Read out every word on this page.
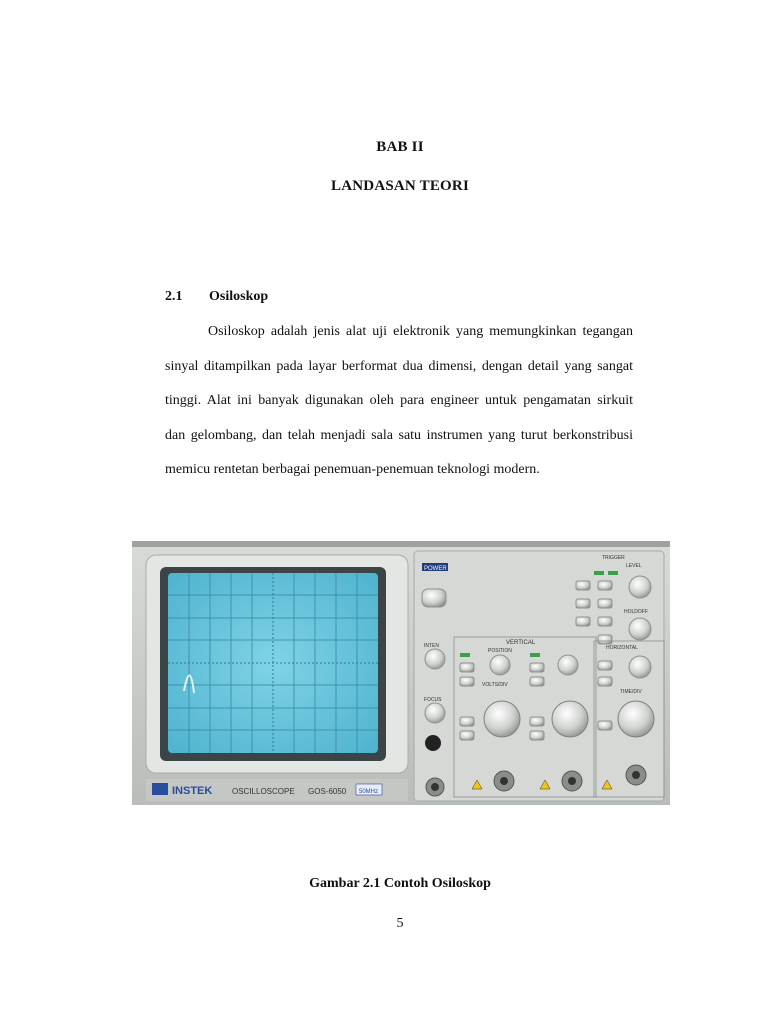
BAB II
LANDASAN TEORI
2.1 Osiloskop

Osiloskop adalah jenis alat uji elektronik yang memungkinkan tegangan
sinyal ditampilkan pada layar berformat dua dimensi, dengan detail yang sangat
tinggi. Alat ini banyak digunakan oleh para engineer untuk pengamatan sirkuit
dan gelombang, dan telah menjadi sala satu instrumen yang turut berkonstribusi
memicu rentetan berbagai penemuan-penemuan teknologi modern.

INSTEK OSCILLOSCOPE GOS-6050 50MHz
POWER
INTEN
FOCUS
VERTICAL
POSITION
VOLTS/DIV
TRIGGER
LEVEL
HOLDOFF
HORIZONTAL
TIME/DIV
Gambar 2.1 Contoh Osiloskop
5
